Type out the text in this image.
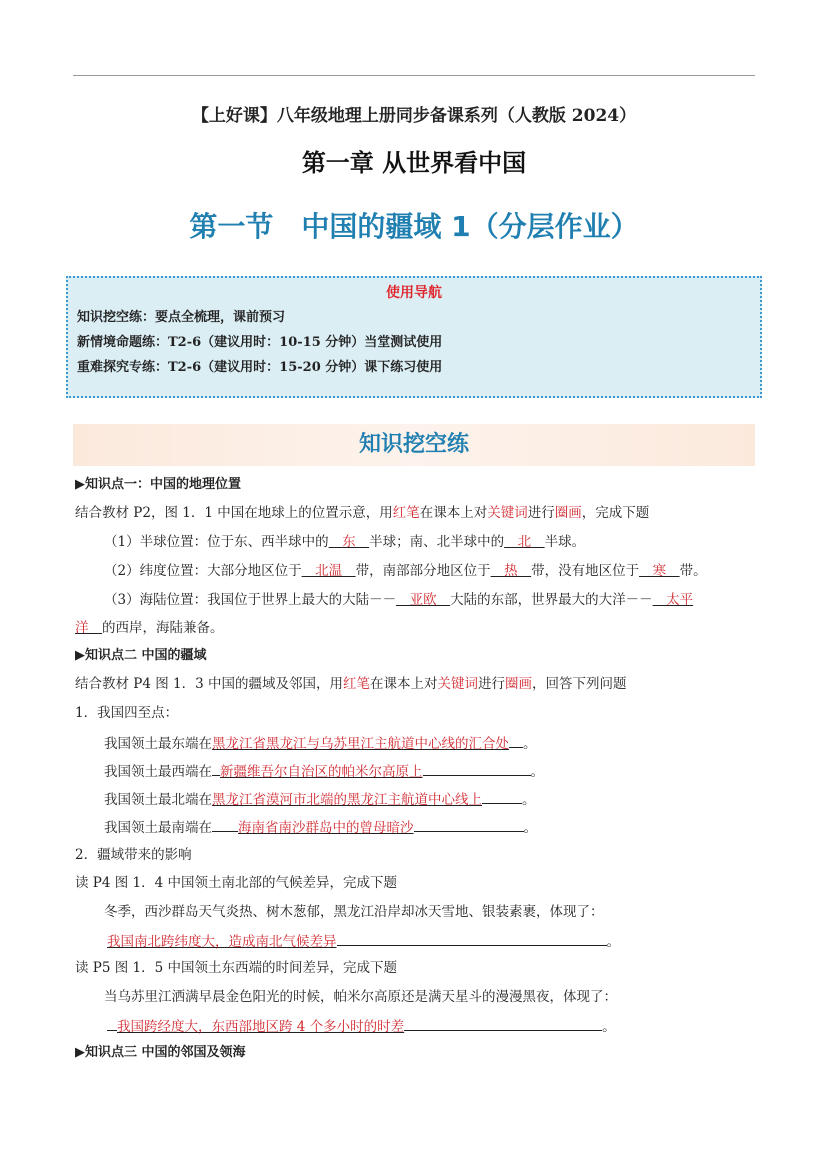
【上好课】八年级地理上册同步备课系列（人教版 2024）
第一章 从世界看中国
第一节　中国的疆域 1（分层作业）
使用导航
知识挖空练：要点全梳理，课前预习
新情境命题练：T2-6（建议用时：10-15 分钟）当堂测试使用
重难探究专练：T2-6（建议用时：15-20 分钟）课下练习使用
知识挖空练
▶知识点一：中国的地理位置
结合教材 P2，图 1．1 中国在地球上的位置示意，用红笔在课本上对关键词进行圈画，完成下题
（1）半球位置：位于东、西半球中的　东　半球；南、北半球中的　北　半球。
（2）纬度位置：大部分地区位于　北温　带，南部部分地区位于　热　带，没有地区位于　寒　带。
（3）海陆位置：我国位于世界上最大的大陆－－　亚欧　大陆的东部，世界最大的大洋－－　太平
洋　的西岸，海陆兼备。
▶知识点二 中国的疆域
结合教材 P4 图 1．3 中国的疆域及邻国，用红笔在课本上对关键词进行圈画，回答下列问题
1．我国四至点：
我国领土最东端在黑龙江省黑龙江与乌苏里江主航道中心线的汇合处 。
我国领土最西端在 新疆维吾尔自治区的帕米尔高原上	。
我国领土最北端在黑龙江省漠河市北端的黑龙江主航道中心线上	。
我国领土最南端在 海南省南沙群岛中的曾母暗沙	。
2．疆域带来的影响
读 P4 图 1．4 中国领土南北部的气候差异，完成下题
冬季，西沙群岛天气炎热、树木葱郁，黑龙江沿岸却冰天雪地、银装素裹，体现了：
我国南北跨纬度大，造成南北气候差异	。
读 P5 图 1．5 中国领土东西端的时间差异，完成下题
当乌苏里江洒满早晨金色阳光的时候，帕米尔高原还是满天星斗的漫漫黑夜，体现了：
我国跨经度大，东西部地区跨 4 个多小时的时差	。
▶知识点三 中国的邻国及领海
